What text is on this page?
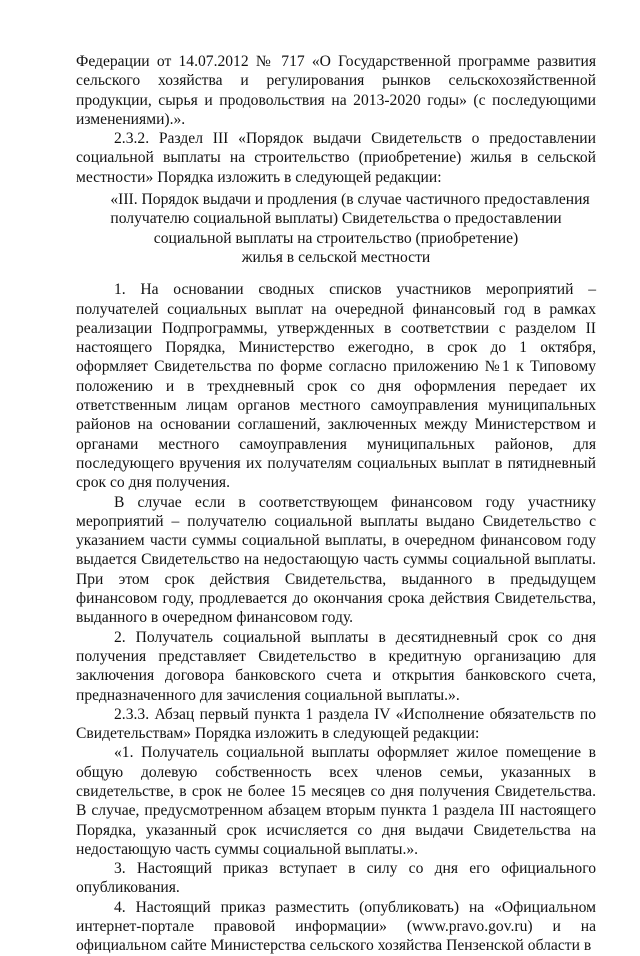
Федерации от 14.07.2012 № 717 «О Государственной программе развития сельского хозяйства и регулирования рынков сельскохозяйственной продукции, сырья и продовольствия на 2013-2020 годы» (с последующими изменениями).».

2.3.2. Раздел III «Порядок выдачи Свидетельств о предоставлении социальной выплаты на строительство (приобретение) жилья в сельской местности» Порядка изложить в следующей редакции:

«III. Порядок выдачи и продления (в случае частичного предоставления

получателю социальной выплаты) Свидетельства о предоставлении

социальной выплаты на строительство (приобретение)

жилья в сельской местности

1. На основании сводных списков участников мероприятий – получателей социальных выплат на очередной финансовый год в рамках реализации Подпрограммы, утвержденных в соответствии с разделом II настоящего Порядка, Министерство ежегодно, в срок до 1 октября, оформляет Свидетельства по форме согласно приложению №1 к Типовому положению и в трехдневный срок со дня оформления передает их ответственным лицам органов местного самоуправления муниципальных районов на основании соглашений, заключенных между Министерством и органами местного самоуправления муниципальных районов, для последующего вручения их получателям социальных выплат в пятидневный срок со дня получения.

В случае если в соответствующем финансовом году участнику мероприятий – получателю социальной выплаты выдано Свидетельство с указанием части суммы социальной выплаты, в очередном финансовом году выдается Свидетельство на недостающую часть суммы социальной выплаты. При этом срок действия Свидетельства, выданного в предыдущем финансовом году, продлевается до окончания срока действия Свидетельства, выданного в очередном финансовом году.

2. Получатель социальной выплаты в десятидневный срок со дня получения представляет Свидетельство в кредитную организацию для заключения договора банковского счета и открытия банковского счета, предназначенного для зачисления социальной выплаты.».

2.3.3. Абзац первый пункта 1 раздела IV «Исполнение обязательств по Свидетельствам» Порядка изложить в следующей редакции:

«1. Получатель социальной выплаты оформляет жилое помещение в общую долевую собственность всех членов семьи, указанных в свидетельстве, в срок не более 15 месяцев со дня получения Свидетельства. В случае, предусмотренном абзацем вторым пункта 1 раздела III настоящего Порядка, указанный срок исчисляется со дня выдачи Свидетельства на недостающую часть суммы социальной выплаты.».

3. Настоящий приказ вступает в силу со дня его официального опубликования.

4. Настоящий приказ разместить (опубликовать) на «Официальном интернет-портале правовой информации» (www.pravo.gov.ru) и на официальном сайте Министерства сельского хозяйства Пензенской области в
